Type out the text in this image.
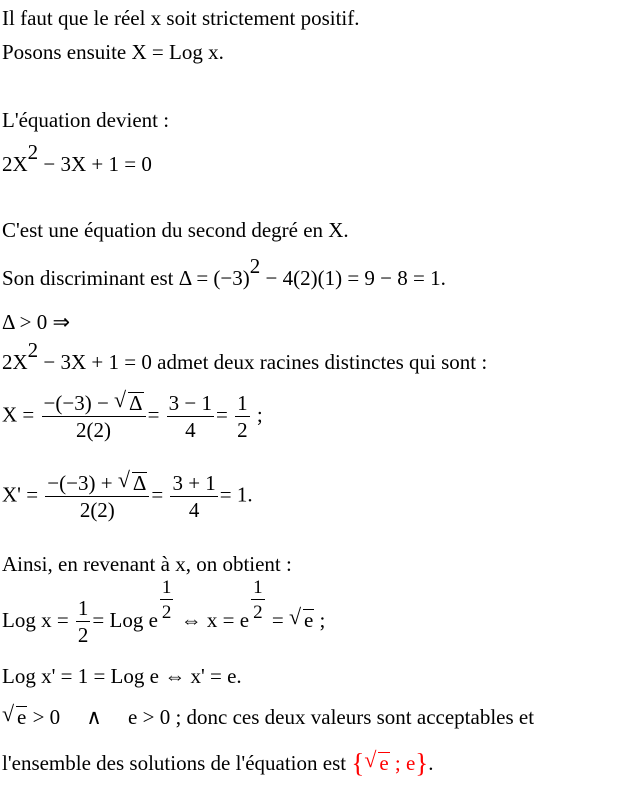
Il faut que le réel x soit strictement positif.
Posons ensuite X = Log x.
L'équation devient :
2X2 − 3X + 1 = 0
C'est une équation du second degré en X.
Son discriminant est Δ = (−3)2 − 4(2)(1) = 9 − 8 = 1.
Δ > 0 ⇒
2X2 − 3X + 1 = 0 admet deux racines distinctes qui sont :
$X = \frac{-(-3) - √ \Delta}{2(2)} = \frac{3 - 1}{4} = \frac{1}{2}$ ;
$X' = \frac{-(-3) + √ \Delta}{2(2)} = \frac{3 + 1}{4} = 1$.
Ainsi, en revenant à x, on obtient :
Log $x = \frac{1}{2}$ = Log e $\frac{1}{2}$ ⇔ x = e $\frac{1}{2}$ = √ e ;
Log x' = 1 = Log e ⇔ x' = e.
√ e > 0     ∧     e > 0 ; donc ces deux valeurs sont acceptables et
l'ensemble des solutions de l'équation est { √ e ; e}.
